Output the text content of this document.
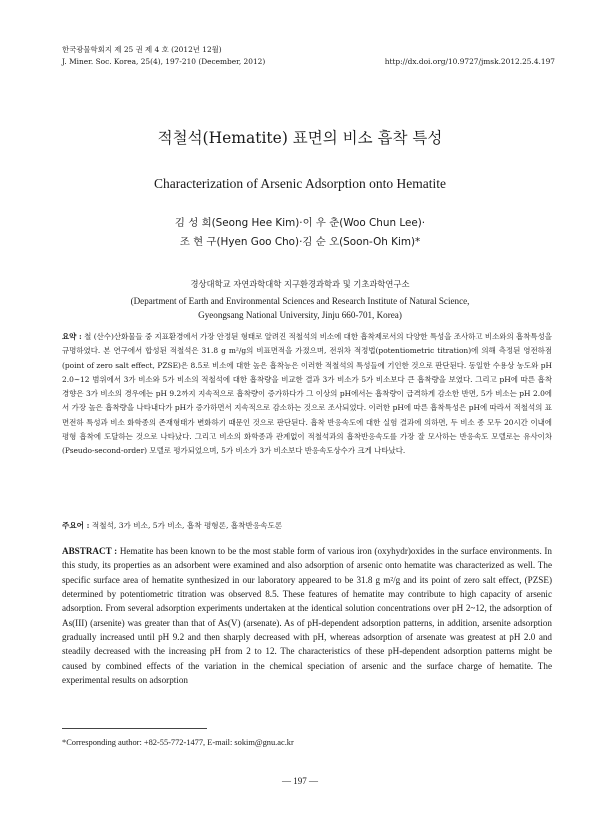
한국광물학회지 제 25 권 제 4 호 (2012년 12월)
J. Miner. Soc. Korea, 25(4), 197-210 (December, 2012)	http://dx.doi.org/10.9727/jmsk.2012.25.4.197
적철석(Hematite) 표면의 비소 흡착 특성
Characterization of Arsenic Adsorption onto Hematite
김 성 희(Seong Hee Kim)·이 우 춘(Woo Chun Lee)·
조 현 구(Hyen Goo Cho)·김 순 오(Soon-Oh Kim)*
경상대학교 자연과학대학 지구환경과학과 및 기초과학연구소
(Department of Earth and Environmental Sciences and Research Institute of Natural Science,
Gyeongsang National University, Jinju 660-701, Korea)
요약 : 철 (산수)산화물들 중 지표환경에서 가장 안정된 형태로 알려진 적철석의 비소에 대한 흡착제로서의 다양한 특성을 조사하고 비소와의 흡착특성을 규명하였다. 본 연구에서 합성된 적철석은 31.8 g m²/g의 비표면적을 가졌으며, 전위차 적정법(potentiometric titration)에 의해 측정된 영전하점(point of zero salt effect, PZSE)은 8.5로 비소에 대한 높은 흡착능은 이러한 적철석의 특성들에 기인한 것으로 판단된다. 동일한 수용상 농도와 pH 2.0~12 범위에서 3가 비소와 5가 비소의 적철석에 대한 흡착량을 비교한 결과 3가 비소가 5가 비소보다 큰 흡착량을 보였다. 그리고 pH에 따른 흡착경향은 3가 비소의 경우에는 pH 9.2까지 지속적으로 흡착량이 증가하다가 그 이상의 pH에서는 흡착량이 급격하게 감소한 반면, 5가 비소는 pH 2.0에서 가장 높은 흡착량을 나타내다가 pH가 증가하면서 지속적으로 감소하는 것으로 조사되었다. 이러한 pH에 따른 흡착특성은 pH에 따라서 적철석의 표면전하 특성과 비소 화학종의 존재형태가 변화하기 때문인 것으로 판단된다. 흡착 반응속도에 대한 실험 결과에 의하면, 두 비소 종 모두 20시간 이내에 평형 흡착에 도달하는 것으로 나타났다. 그리고 비소의 화학종과 관계없이 적철석과의 흡착반응속도를 가장 잘 모사하는 반응속도 모델로는 유사이차(Pseudo-second-order) 모델로 평가되었으며, 5가 비소가 3가 비소보다 반응속도상수가 크게 나타났다.
주요어 : 적철석, 3가 비소, 5가 비소, 흡착 평형론, 흡착반응속도론
ABSTRACT : Hematite has been known to be the most stable form of various iron (oxyhydr)oxides in the surface environments. In this study, its properties as an adsorbent were examined and also adsorption of arsenic onto hematite was characterized as well. The specific surface area of hematite synthesized in our laboratory appeared to be 31.8 g m²/g and its point of zero salt effect, (PZSE) determined by potentiometric titration was observed 8.5. These features of hematite may contribute to high capacity of arsenic adsorption. From several adsorption experiments undertaken at the identical solution concentrations over pH 2~12, the adsorption of As(III) (arsenite) was greater than that of As(V) (arsenate). As of pH-dependent adsorption patterns, in addition, arsenite adsorption gradually increased until pH 9.2 and then sharply decreased with pH, whereas adsorption of arsenate was greatest at pH 2.0 and steadily decreased with the increasing pH from 2 to 12. The characteristics of these pH-dependent adsorption patterns might be caused by combined effects of the variation in the chemical speciation of arsenic and the surface charge of hematite. The experimental results on adsorption
*Corresponding author: +82-55-772-1477, E-mail: sokim@gnu.ac.kr
— 197 —
